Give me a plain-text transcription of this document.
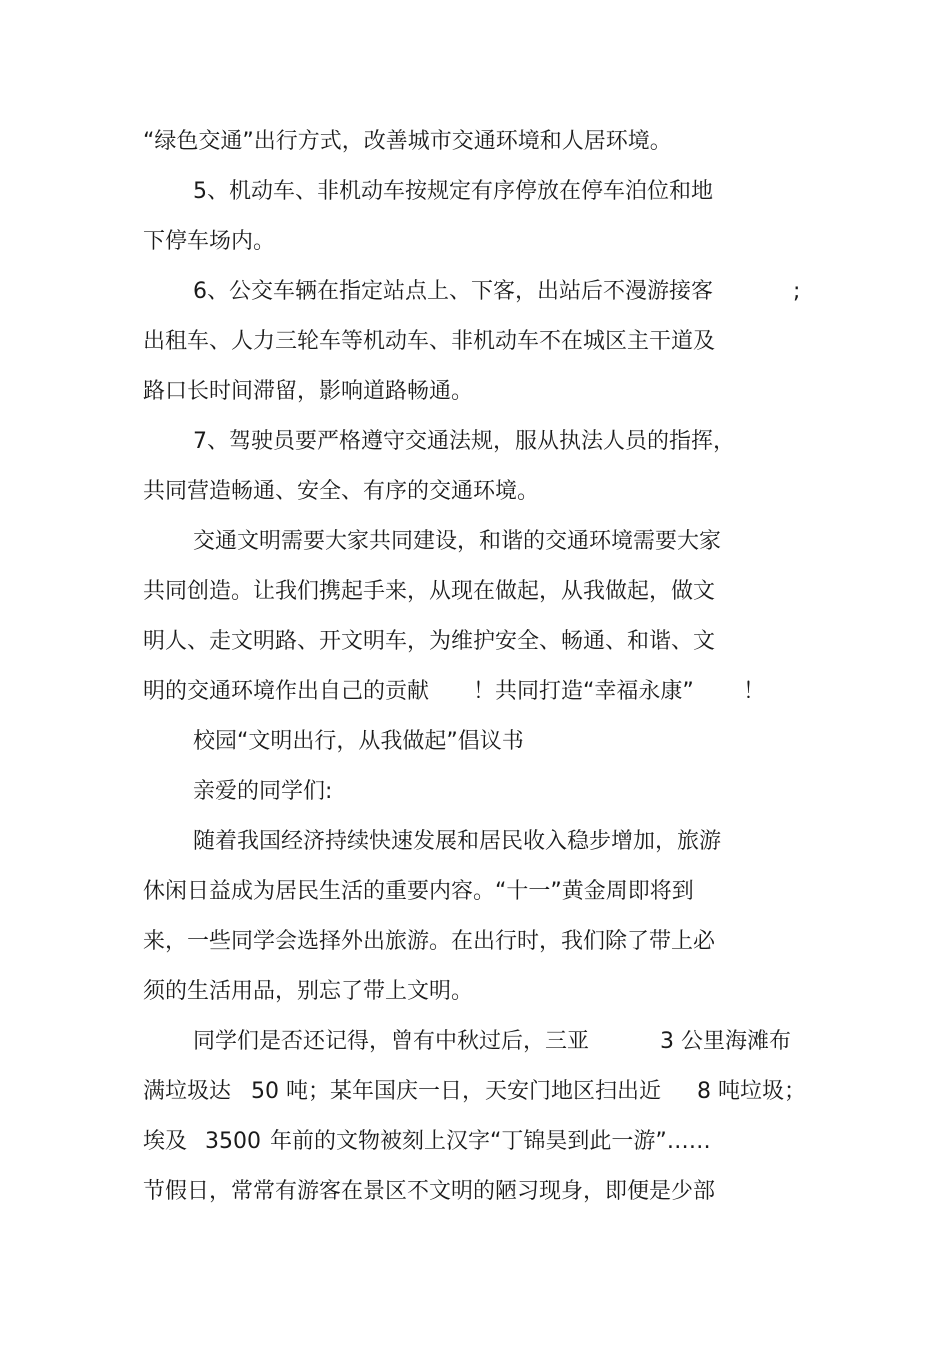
“绿色交通”出行方式，改善城市交通环境和人居环境。
5、机动车、非机动车按规定有序停放在停车泊位和地
下停车场内。
6、公交车辆在指定站点上、下客，出站后不漫游接客	;
出租车、人力三轮车等机动车、非机动车不在城区主干道及
路口长时间滞留，影响道路畅通。
7、驾驶员要严格遵守交通法规，服从执法人员的指挥，
共同营造畅通、安全、有序的交通环境。
交通文明需要大家共同建设，和谐的交通环境需要大家
共同创造。让我们携起手来，从现在做起，从我做起，做文
明人、走文明路、开文明车，为维护安全、畅通、和谐、文
明的交通环境作出自己的贡献 ！共同打造“幸福永康” ！
校园“文明出行，从我做起”倡议书
亲爱的同学们:
随着我国经济持续快速发展和居民收入稳步增加，旅游
休闲日益成为居民生活的重要内容。“十一”黄金周即将到
来，一些同学会选择外出旅游。在出行时，我们除了带上必
须的生活用品，别忘了带上文明。
同学们是否还记得，曾有中秋过后，三亚	3 公里海滩布
满垃圾达 50 吨；某年国庆一日， 天安门地区扫出近 8 吨垃圾；
埃及 3500 年前的文物被刻上汉字“丁锦昊到此一游”……
节假日，常常有游客在景区不文明的陋习现身，即便是少部
